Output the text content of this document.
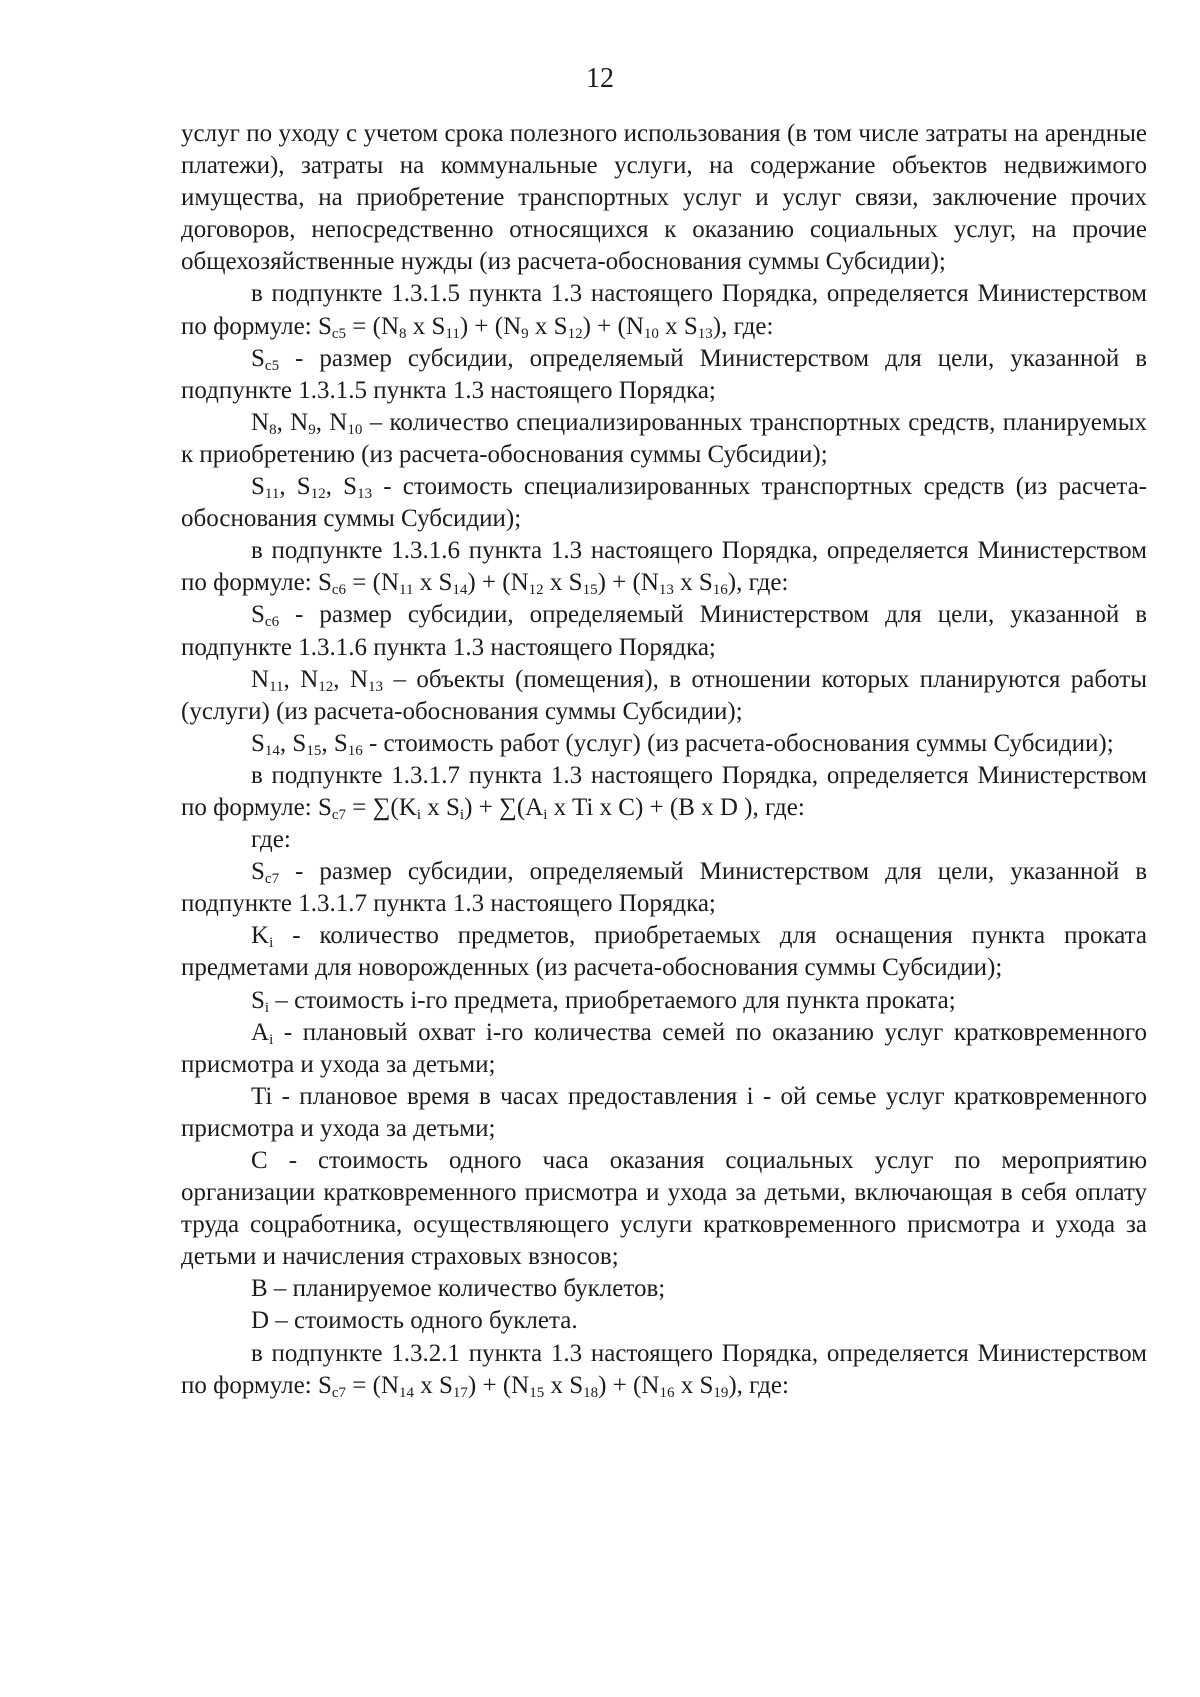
12

услуг по уходу с учетом срока полезного использования (в том числе затраты на арендные платежи), затраты на коммунальные услуги, на содержание объектов недвижимого имущества, на приобретение транспортных услуг и услуг связи, заключение прочих договоров, непосредственно относящихся к оказанию социальных услуг, на прочие общехозяйственные нужды (из расчета-обоснования суммы Субсидии);

в подпункте 1.3.1.5 пункта 1.3 настоящего Порядка, определяется Министерством по формуле: $S_{c5} = (N_8$ x $S_{11}) + (N_9$ x $S_{12}) + (N_{10}$ x $S_{13}$), где:

$S_{c5}$ - размер субсидии, определяемый Министерством для цели, указанной в подпункте 1.3.1.5 пункта 1.3 настоящего Порядка;

$N_8$, $N_9$, $N_{10}$ – количество специализированных транспортных средств, планируемых к приобретению (из расчета-обоснования суммы Субсидии);

$S_{11}$, $S_{12}$, $S_{13}$ - стоимость специализированных транспортных средств (из расчета-обоснования суммы Субсидии);

в подпункте 1.3.1.6 пункта 1.3 настоящего Порядка, определяется Министерством по формуле: $S_{c6} = (N_{11}$ x $S_{14}) + (N_{12}$ x $S_{15}) + (N_{13}$ x $S_{16}$), где:

$S_{c6}$ - размер субсидии, определяемый Министерством для цели, указанной в подпункте 1.3.1.6 пункта 1.3 настоящего Порядка;

$N_{11}$, $N_{12}$, $N_{13}$ – объекты (помещения), в отношении которых планируются работы (услуги) (из расчета-обоснования суммы Субсидии);

$S_{14}$, $S_{15}$, $S_{16}$ - стоимость работ (услуг) (из расчета-обоснования суммы Субсидии);

в подпункте 1.3.1.7 пункта 1.3 настоящего Порядка, определяется Министерством по формуле: $S_{c7} = \sum(K_i$ x $S_i) + \sum(A_i$ x Ti x C) + (B x D ), где:

где:

$S_{c7}$ - размер субсидии, определяемый Министерством для цели, указанной в подпункте 1.3.1.7 пункта 1.3 настоящего Порядка;

$K_i$ - количество предметов, приобретаемых для оснащения пункта проката предметами для новорожденных (из расчета-обоснования суммы Субсидии);

$S_i$ – стоимость i-го предмета, приобретаемого для пункта проката;

$A_i$ - плановый охват i-го количества семей по оказанию услуг кратковременного присмотра и ухода за детьми;

Ti - плановое время в часах предоставления i - ой семье услуг кратковременного присмотра и ухода за детьми;

C - стоимость одного часа оказания социальных услуг по мероприятию организации кратковременного присмотра и ухода за детьми, включающая в себя оплату труда соцработника, осуществляющего услуги кратковременного присмотра и ухода за детьми и начисления страховых взносов;

B – планируемое количество буклетов;

D – стоимость одного буклета.

в подпункте 1.3.2.1 пункта 1.3 настоящего Порядка, определяется Министерством по формуле: $S_{c7} = (N_{14}$ x $S_{17}) + (N_{15}$ x $S_{18}) + (N_{16}$ x $S_{19}$), где:
